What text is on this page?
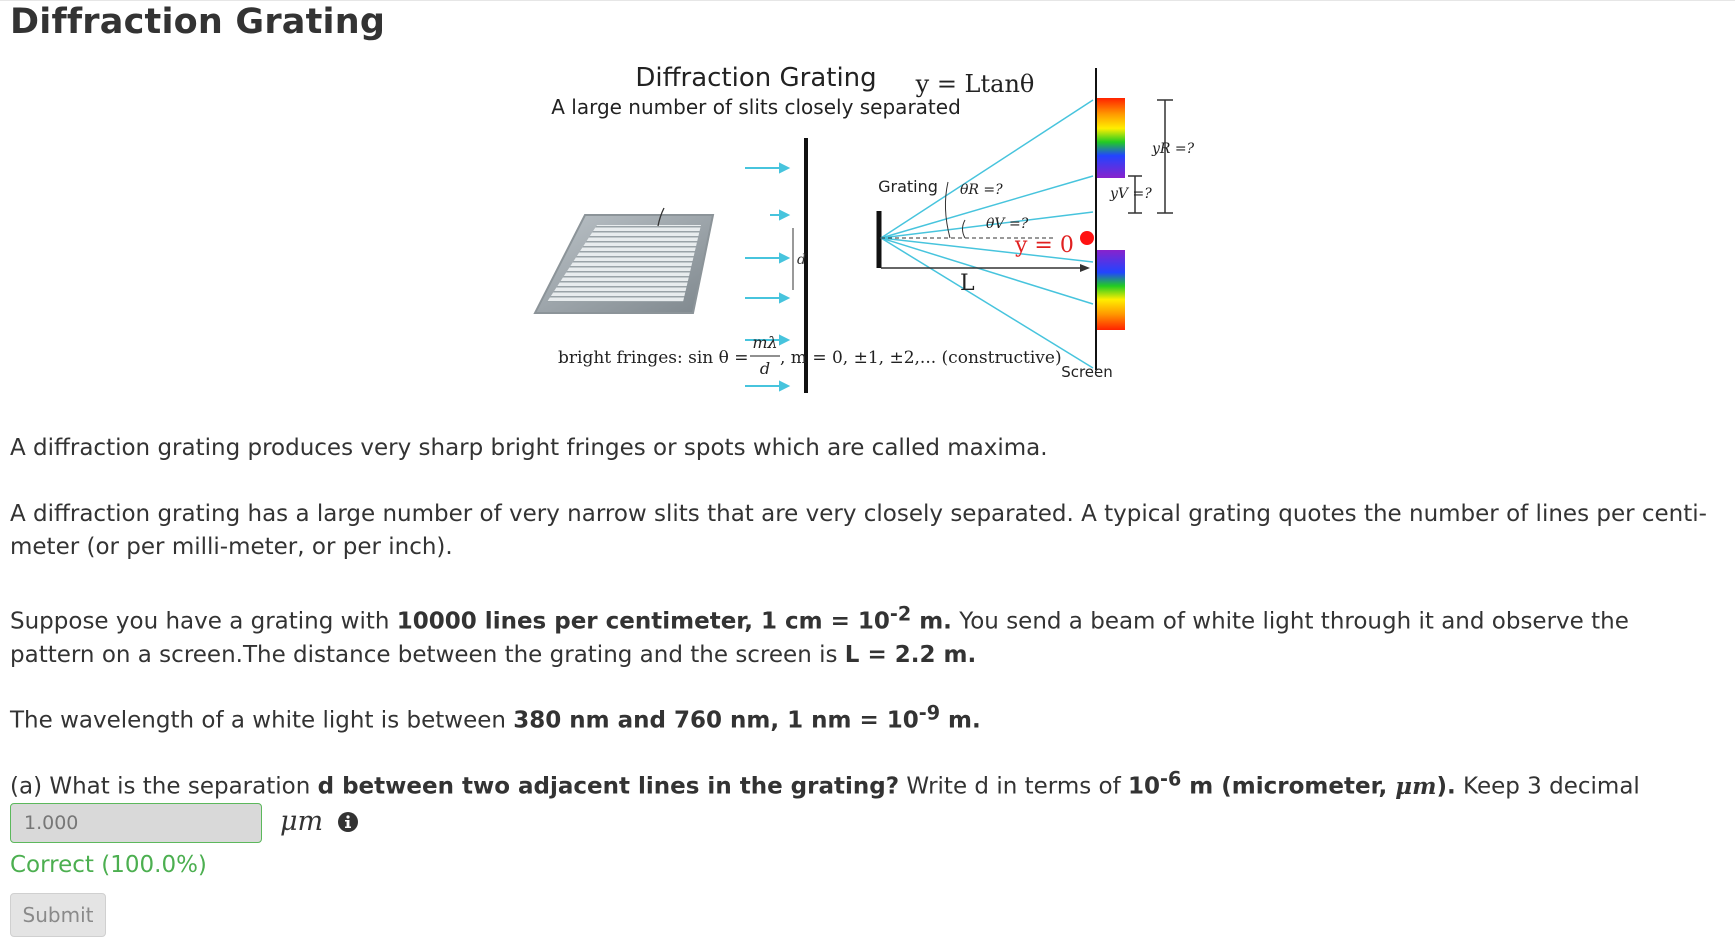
Diffraction Grating
Diffraction Grating
A large number of slits closely separated
y = Ltanθ
d
Grating θR =?
θV =?
y = 0
L
yR =?
yV =?
bright fringes: sin θ =
mλ
d
, m = 0, ±1, ±2,... (constructive)
Screen

A diffraction grating produces very sharp bright fringes or spots which are called maxima.

A diffraction grating has a large number of very narrow slits that are very closely separated. A typical grating quotes the number of lines per centi-meter (or per milli-meter, or per inch).

Suppose you have a grating with 10000 lines per centimeter, 1 cm = $10^{-2}$ m. You send a beam of white light through it and observe the pattern on a screen.The distance between the grating and the screen is L = 2.2 m.

The wavelength of a white light is between 380 nm and 760 nm, 1 nm = $10^{-9}$ m.

(a) What is the separation d between two adjacent lines in the grating? Write d in terms of $10^{-6}$ m (micrometer, μm). Keep 3 decimal

1.000
μm
Correct (100.0%)
Submit
